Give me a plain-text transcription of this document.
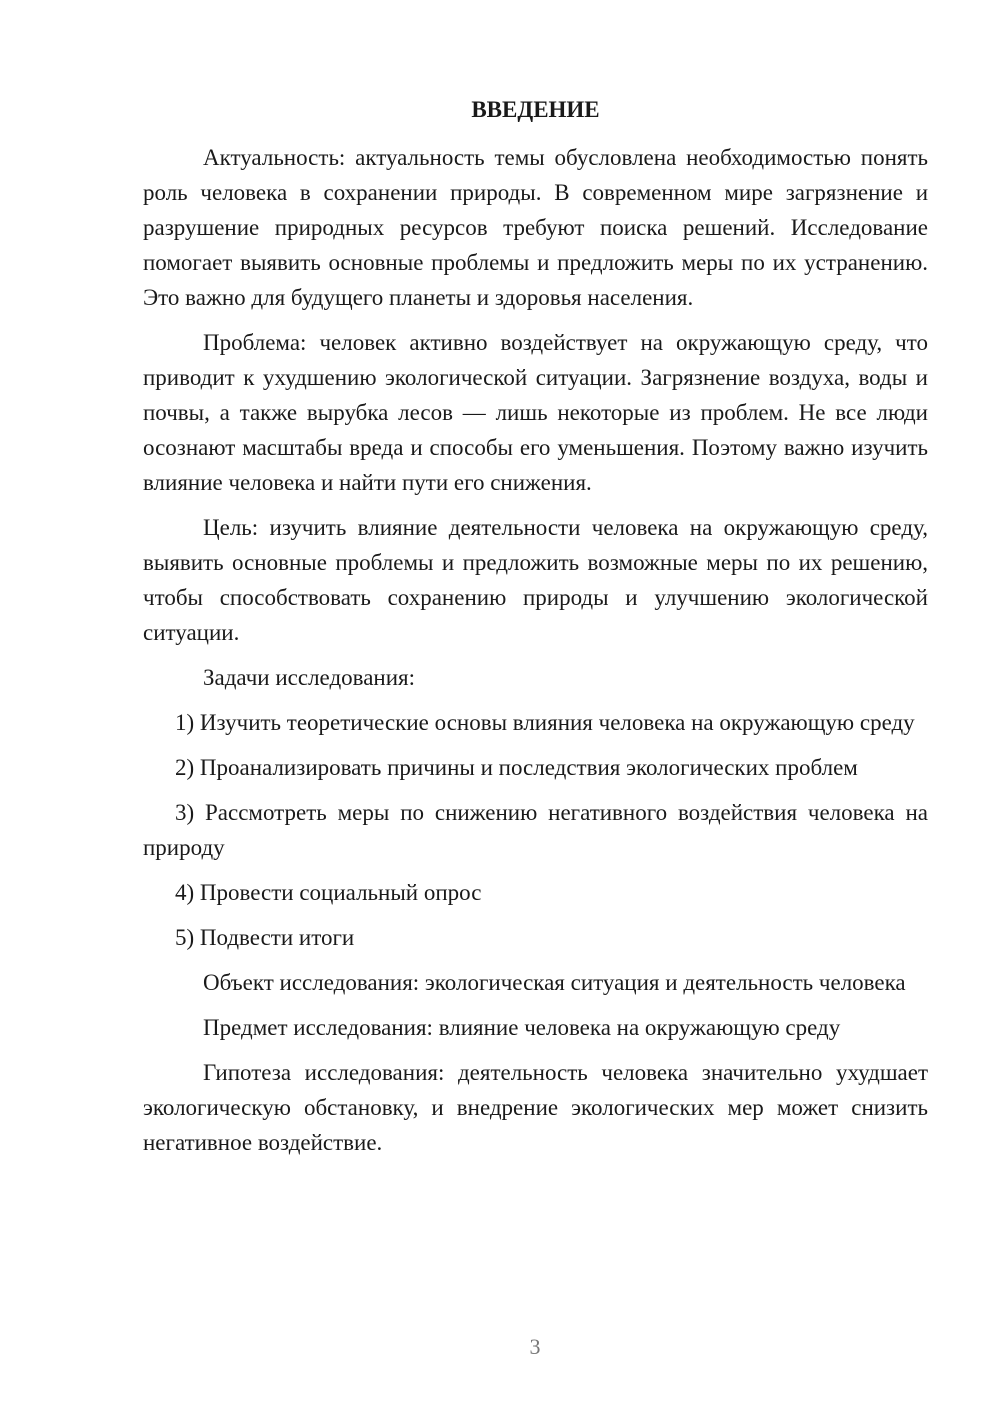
ВВЕДЕНИЕ

Актуальность: актуальность темы обусловлена необходимостью понять роль человека в сохранении природы. В современном мире загрязнение и разрушение природных ресурсов требуют поиска решений. Исследование помогает выявить основные проблемы и предложить меры по их устранению. Это важно для будущего планеты и здоровья населения.

Проблема: человек активно воздействует на окружающую среду, что приводит к ухудшению экологической ситуации. Загрязнение воздуха, воды и почвы, а также вырубка лесов — лишь некоторые из проблем. Не все люди осознают масштабы вреда и способы его уменьшения. Поэтому важно изучить влияние человека и найти пути его снижения.

Цель: изучить влияние деятельности человека на окружающую среду, выявить основные проблемы и предложить возможные меры по их решению, чтобы способствовать сохранению природы и улучшению экологической ситуации.

Задачи исследования:

1) Изучить теоретические основы влияния человека на окружающую среду

2) Проанализировать причины и последствия экологических проблем

3) Рассмотреть меры по снижению негативного воздействия человека на природу

4) Провести социальный опрос

5) Подвести итоги

Объект исследования: экологическая ситуация и деятельность человека

Предмет исследования: влияние человека на окружающую среду

Гипотеза исследования: деятельность человека значительно ухудшает экологическую обстановку, и внедрение экологических мер может снизить негативное воздействие.

3
